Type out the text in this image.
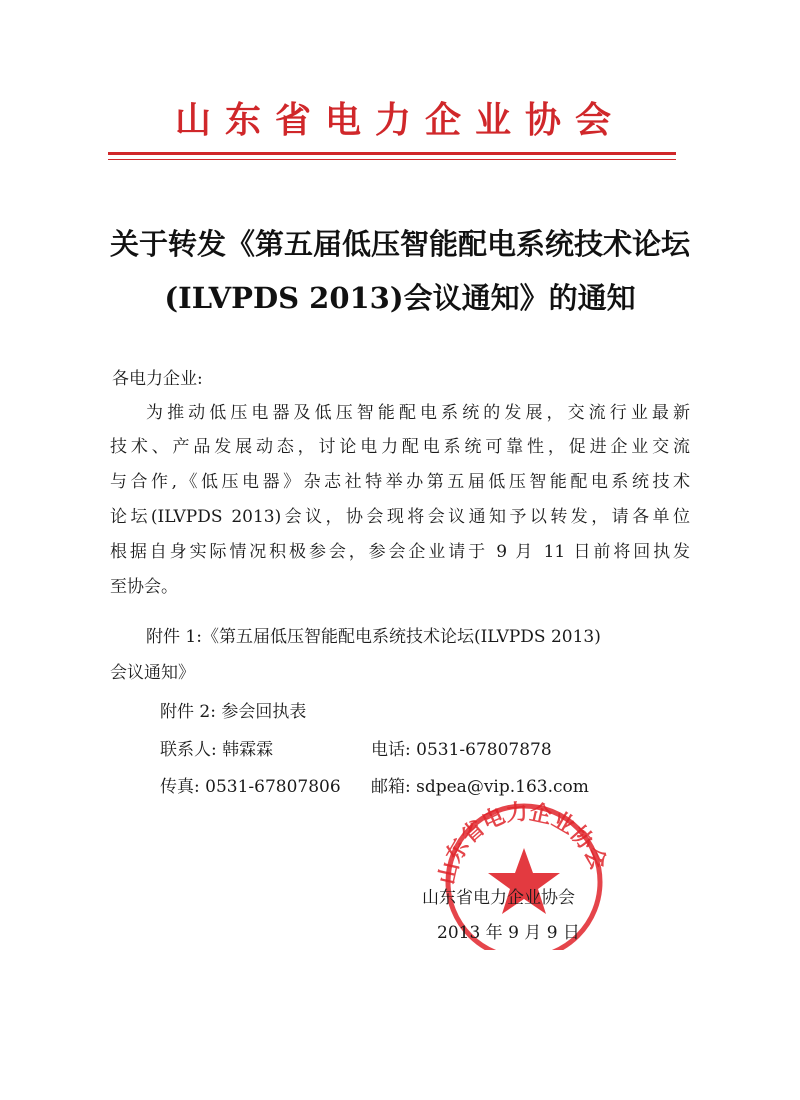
山东省电力企业协会
关于转发《第五届低压智能配电系统技术论坛
(ILVPDS 2013)会议通知》的通知
各电力企业:
为推动低压电器及低压智能配电系统的发展，交流行业最新
技术、产品发展动态，讨论电力配电系统可靠性，促进企业交流
与合作,《低压电器》杂志社特举办第五届低压智能配电系统技术
论坛(ILVPDS 2013)会议，协会现将会议通知予以转发，请各单位
根据自身实际情况积极参会，参会企业请于 9 月 11 日前将回执发
至协会。
附件 1:《第五届低压智能配电系统技术论坛(ILVPDS 2013)
会议通知》
附件 2: 参会回执表
联系人: 韩霖霖	电话: 0531-67807878
传真: 0531-67807806 邮箱: sdpea@vip.163.com
山东省电力企业协会
山东省电力企业协会
2013 年 9 月 9 日
